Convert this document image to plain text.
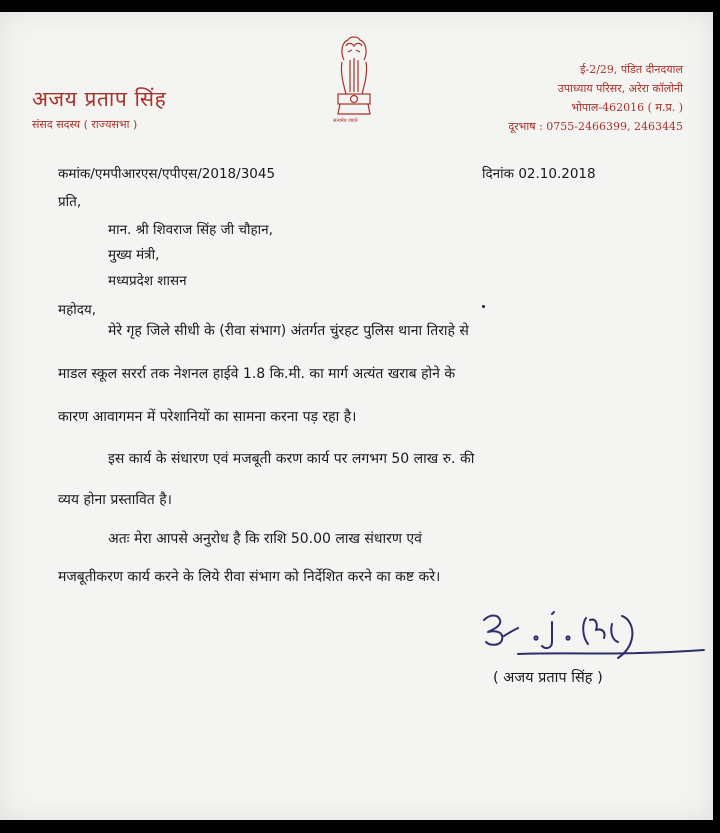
अजय प्रताप सिंह
संसद सदस्य ( राज्यसभा )	सत्यमेव जयते
ई-2/29, पंडित दीनदयाल
उपाध्याय परिसर, अरेरा कॉलोनी
भोपाल-462016 ( म.प्र. )
दूरभाष : 0755-2466399, 2463445
कमांक/एमपीआरएस/एपीएस/2018/3045	दिनांक 02.10.2018
प्रति,
मान. श्री शिवराज सिंह जी चौहान,
मुख्य मंत्री,
मध्यप्रदेश शासन
महोदय,
मेरे गृह जिले सीधी के (रीवा संभाग) अंतर्गत चुंरहट पुलिस थाना तिराहे से
माडल स्कूल सरर्रा तक नेशनल हाईवे 1.8 कि.मी. का मार्ग अत्यंत खराब होने के
कारण आवागमन में परेशानियों का सामना करना पड़ रहा है।
इस कार्य के संधारण एवं मजबूती करण कार्य पर लगभग 50 लाख रु. की
व्यय होना प्रस्तावित है।
अतः मेरा आपसे अनुरोध है कि राशि 50.00 लाख संधारण एवं
मजबूतीकरण कार्य करने के लिये रीवा संभाग को निर्देशित करने का कष्ट करे।
( अजय प्रताप सिंह )
